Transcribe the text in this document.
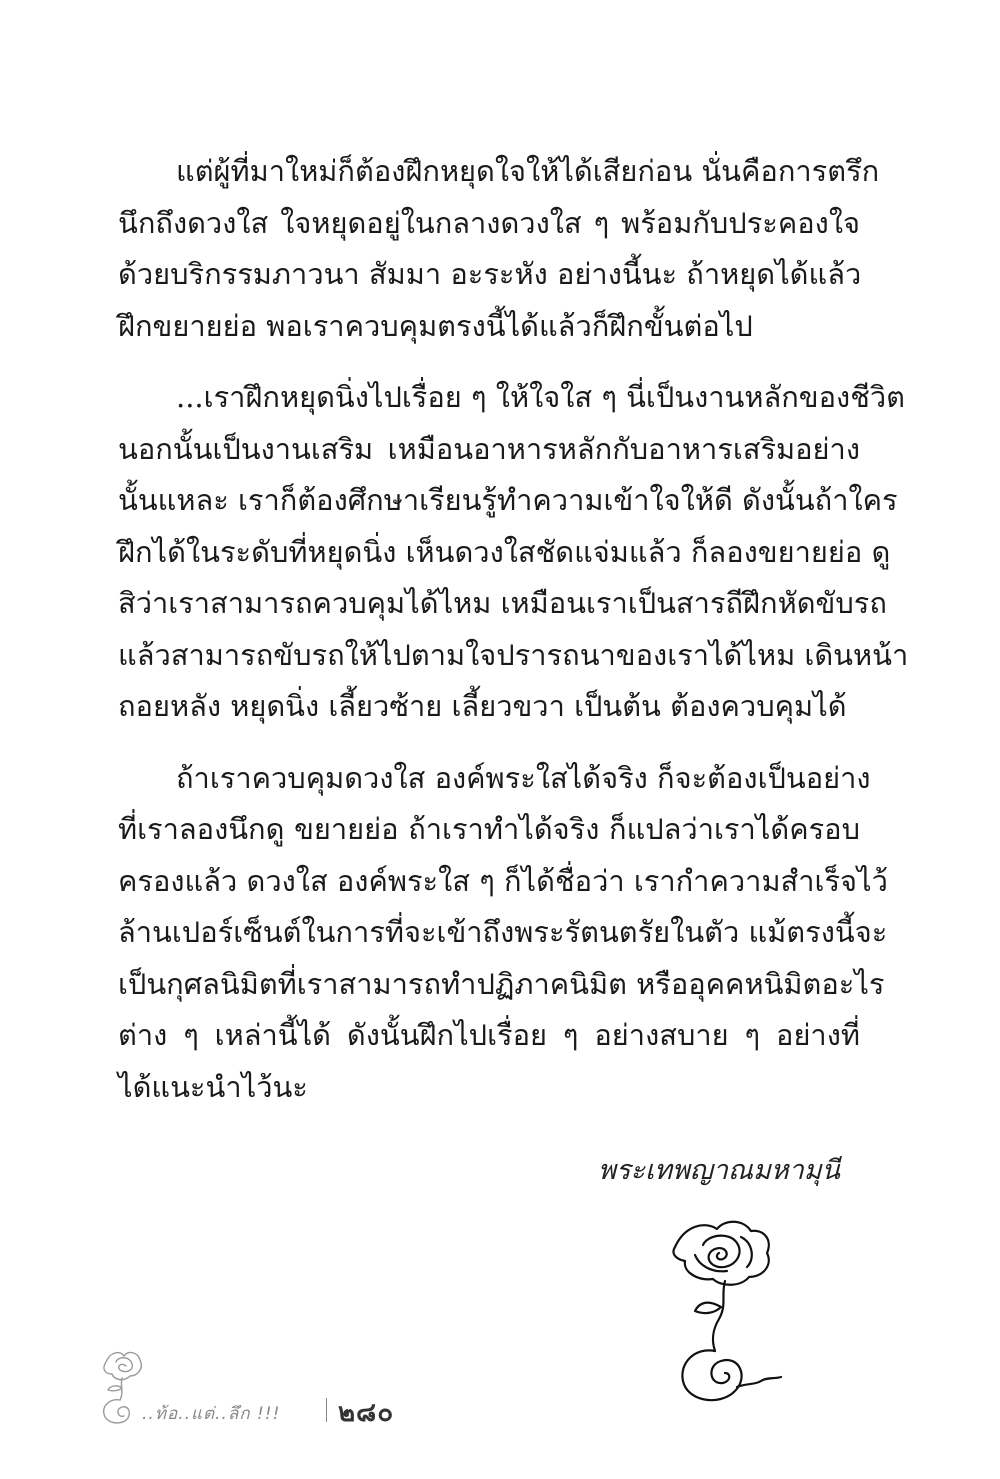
แต่ผู้ที่มาใหม่ก็ต้องฝึกหยุดใจให้ได้เสียก่อน นั่นคือการตรึก
นึกถึงดวงใส ใจหยุดอยู่ในกลางดวงใส ๆ พร้อมกับประคองใจ
ด้วยบริกรรมภาวนา สัมมา อะระหัง อย่างนี้นะ ถ้าหยุดได้แล้ว
ฝึกขยายย่อ พอเราควบคุมตรงนี้ได้แล้วก็ฝึกขั้นต่อไป

...เราฝึกหยุดนิ่งไปเรื่อย ๆ ให้ใจใส ๆ นี่เป็นงานหลักของชีวิต
นอกนั้นเป็นงานเสริม เหมือนอาหารหลักกับอาหารเสริมอย่าง
นั้นแหละ เราก็ต้องศึกษาเรียนรู้ทำความเข้าใจให้ดี ดังนั้นถ้าใคร
ฝึกได้ในระดับที่หยุดนิ่ง เห็นดวงใสชัดแจ่มแล้ว ก็ลองขยายย่อ ดู
สิว่าเราสามารถควบคุมได้ไหม เหมือนเราเป็นสารถีฝึกหัดขับรถ
แล้วสามารถขับรถให้ไปตามใจปรารถนาของเราได้ไหม เดินหน้า
ถอยหลัง หยุดนิ่ง เลี้ยวซ้าย เลี้ยวขวา เป็นต้น ต้องควบคุมได้

ถ้าเราควบคุมดวงใส องค์พระใสได้จริง ก็จะต้องเป็นอย่าง
ที่เราลองนึกดู ขยายย่อ ถ้าเราทำได้จริง ก็แปลว่าเราได้ครอบ
ครองแล้ว ดวงใส องค์พระใส ๆ ก็ได้ชื่อว่า เรากำความสำเร็จไว้
ล้านเปอร์เซ็นต์ในการที่จะเข้าถึงพระรัตนตรัยในตัว แม้ตรงนี้จะ
เป็นกุศลนิมิตที่เราสามารถทำปฏิภาคนิมิต หรืออุคคหนิมิตอะไร
ต่าง ๆ เหล่านี้ได้ ดังนั้นฝึกไปเรื่อย ๆ อย่างสบาย ๆ อย่างที่
ได้แนะนำไว้นะ

พระเทพญาณมหามุนี
..ท้อ..แต่..ลึก !!! ๒๘๐
